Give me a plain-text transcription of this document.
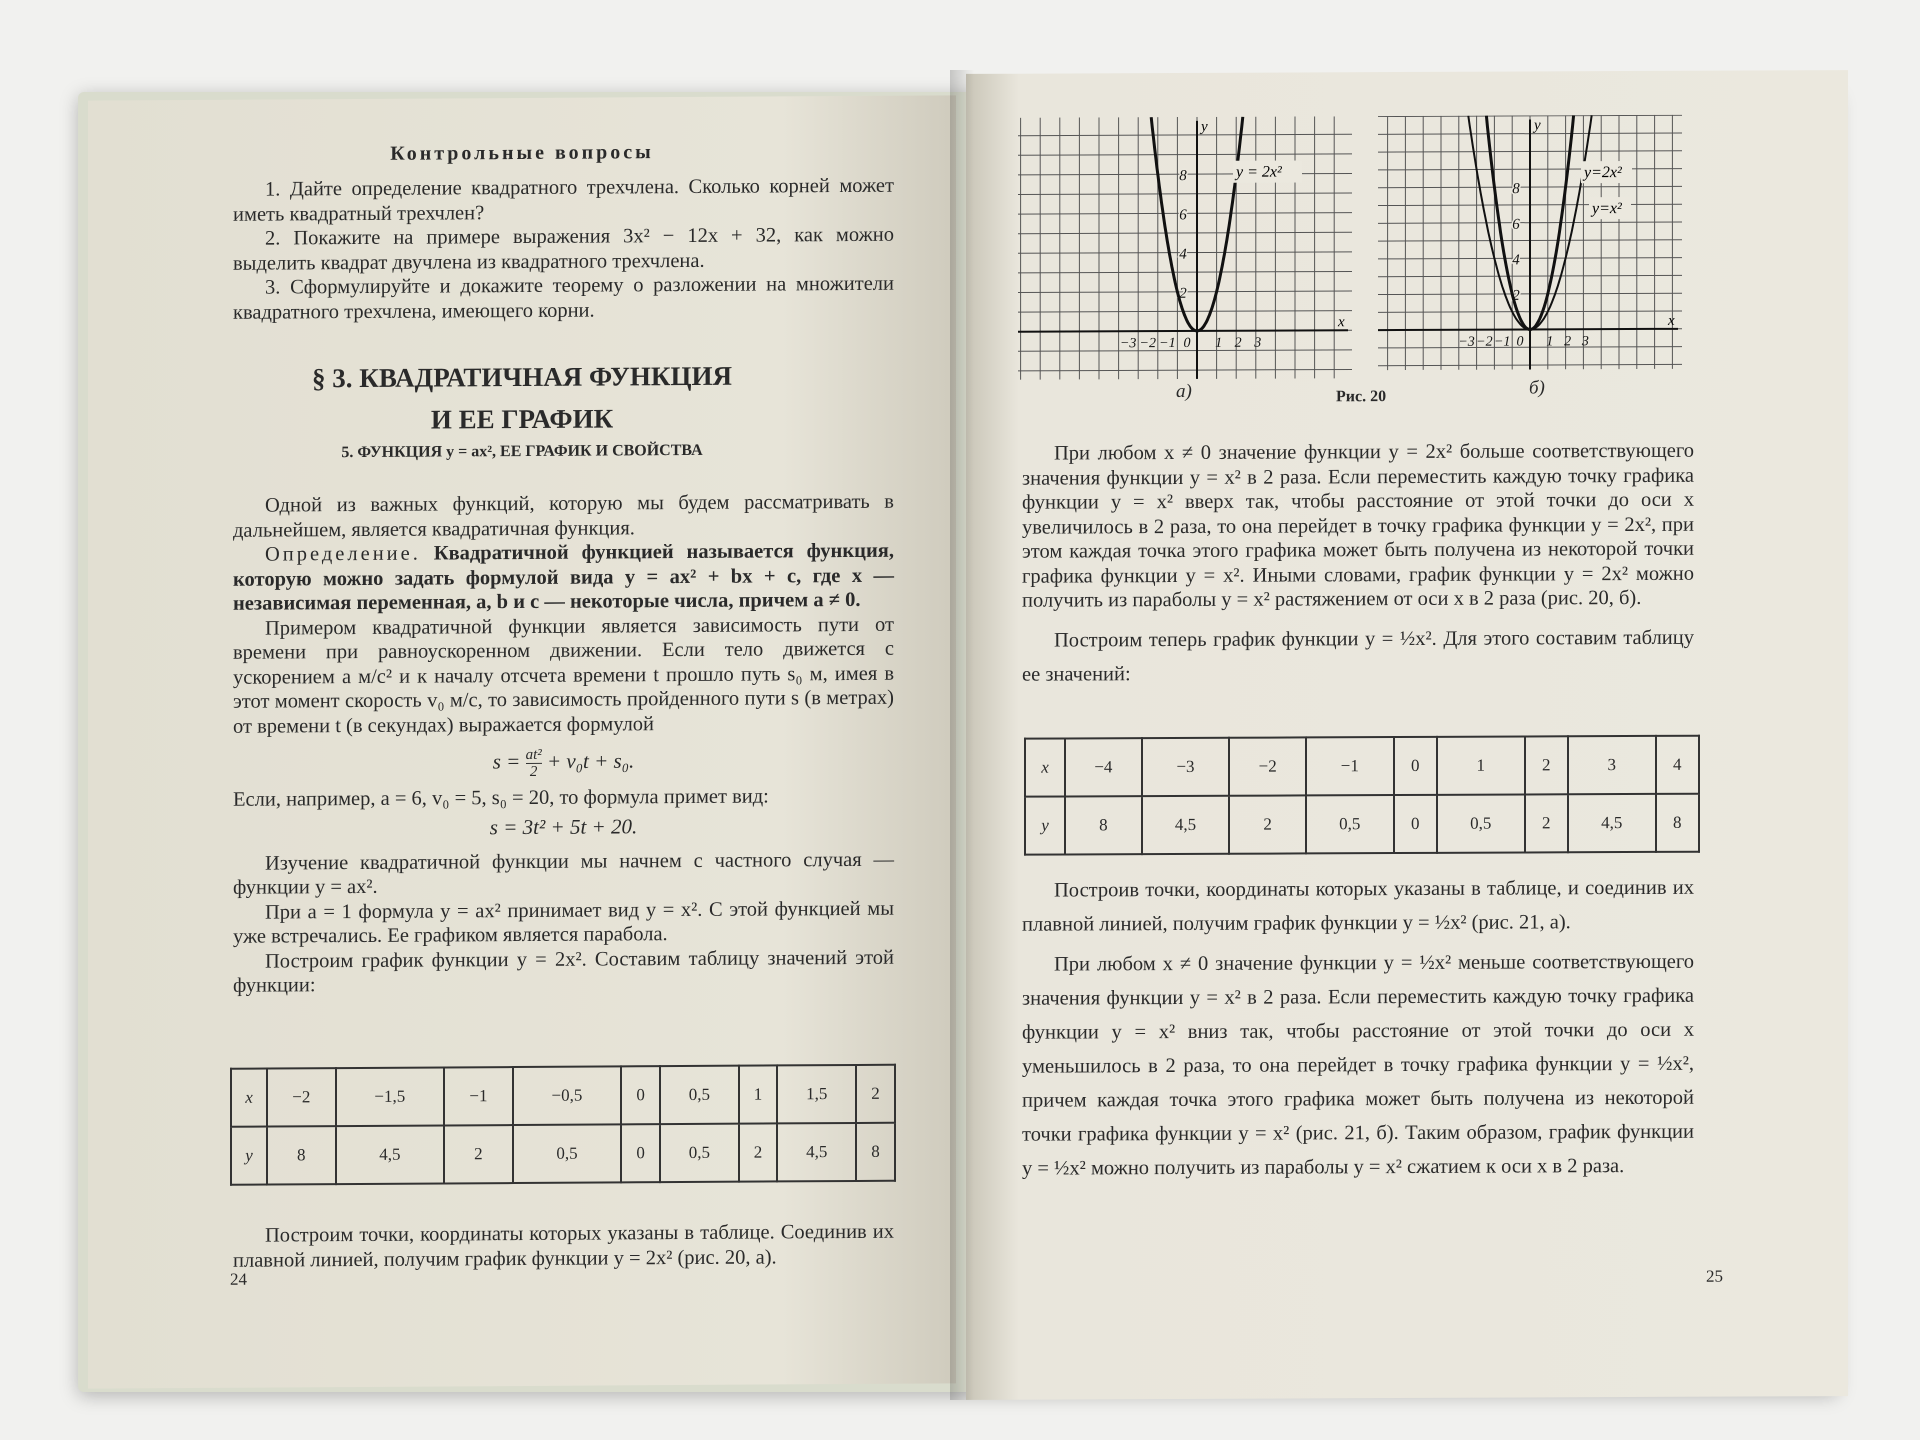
Контрольные вопросы

1. Дайте определение квадратного трехчлена. Сколько корней может иметь квадратный трехчлен?

2. Покажите на примере выражения 3x² − 12x + 32, как можно выделить квадрат двучлена из квадратного трехчлена.

3. Сформулируйте и докажите теорему о разложении на множители квадратного трехчлена, имеющего корни.

§ 3. КВАДРАТИЧНАЯ ФУНКЦИЯ
И ЕЕ ГРАФИК
5. ФУНКЦИЯ y = ax², ЕЕ ГРАФИК И СВОЙСТВА

Одной из важных функций, которую мы будем рассматривать в дальнейшем, является квадратичная функция.

Определение. Квадратичной функцией называется функция, которую можно задать формулой вида y = ax² + bx + c, где x — независимая переменная, a, b и c — некоторые числа, причем a ≠ 0.

Примером квадратичной функции является зависимость пути от времени при равноускоренном движении. Если тело движется с ускорением a м/с² и к началу отсчета времени t прошло путь s₀ м, имея в этот момент скорость v₀ м/с, то зависимость пройденного пути s (в метрах) от времени t (в секундах) выражается формулой

$s = \frac{\text{at²}}{2} + v_0t + s_0$.

Если, например, a = 6, v₀ = 5, s₀ = 20, то формула примет вид:

s = 3t² + 5t + 20.

Изучение квадратичной функции мы начнем с частного случая — функции y = ax².

При a = 1 формула y = ax² принимает вид y = x². С этой функцией мы уже встречались. Ее графиком является парабола.

Построим график функции y = 2x². Составим таблицу значений этой функции:

x	−2	−1,5	−1	−0,5	0	0,5	1	1,5	2
y	8	4,5	2	0,5	0	0,5	2	4,5	8

Построим точки, координаты которых указаны в таблице. Соединив их плавной линией, получим график функции y = 2x² (рис. 20, a).

24
x
y
8
6
4
2
−3 −2 −1 0 1 2 3
y = 2x²
x
y
8
6
4
2
−3 −2 −1 0 1 2 3
y=2x²
y=x²
а)	Рис. 20	б)

При любом x ≠ 0 значение функции y = 2x² больше соответствующего значения функции y = x² в 2 раза. Если переместить каждую точку графика функции y = x² вверх так, чтобы расстояние от этой точки до оси x увеличилось в 2 раза, то она перейдет в точку графика функции y = 2x², при этом каждая точка этого графика может быть получена из некоторой точки графика функции y = x². Иными словами, график функции y = 2x² можно получить из параболы y = x² растяжением от оси x в 2 раза (рис. 20, б).

Построим теперь график функции y = ½x². Для этого составим таблицу ее значений:

x	−4	−3	−2	−1	0	1	2	3	4
y	8	4,5	2	0,5	0	0,5	2	4,5	8

Построив точки, координаты которых указаны в таблице, и соединив их плавной линией, получим график функции y = ½x² (рис. 21, a).

При любом x ≠ 0 значение функции y = ½x² меньше соответствующего значения функции y = x² в 2 раза. Если переместить каждую точку графика функции y = x² вниз так, чтобы расстояние от этой точки до оси x уменьшилось в 2 раза, то она перейдет в точку графика функции y = ½x², причем каждая точка этого графика может быть получена из некоторой точки графика функции y = x² (рис. 21, б). Таким образом, график функции y = ½x² можно получить из параболы y = x² сжатием к оси x в 2 раза.

25
